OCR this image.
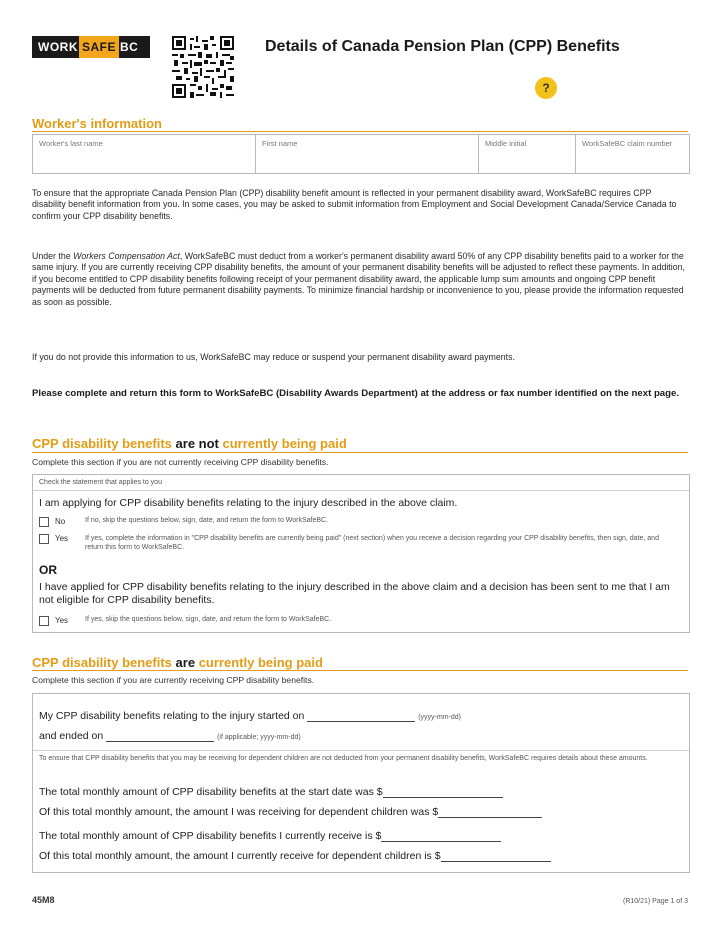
WORK SAFE BC	Details of Canada Pension Plan (CPP) Benefits
?
Worker's information
Worker's last name	First name	Middle initial	WorkSafeBC claim number
To ensure that the appropriate Canada Pension Plan (CPP) disability benefit amount is reflected in your permanent disability award, WorkSafeBC requires CPP disability benefit information from you. In some cases, you may be asked to submit information from Employment and Social Development Canada/Service Canada to confirm your CPP disability benefits.
Under the Workers Compensation Act, WorkSafeBC must deduct from a worker's permanent disability award 50% of any CPP disability benefits paid to a worker for the same injury. If you are currently receiving CPP disability benefits, the amount of your permanent disability benefits will be adjusted to reflect these payments. In addition, if you become entitled to CPP disability benefits following receipt of your permanent disability award, the applicable lump sum amounts and ongoing CPP benefit payments will be deducted from future permanent disability payments. To minimize financial hardship or inconvenience to you, please provide the information requested as soon as possible.
If you do not provide this information to us, WorkSafeBC may reduce or suspend your permanent disability award payments.
Please complete and return this form to WorkSafeBC (Disability Awards Department) at the address or fax number identified on the next page.
CPP disability benefits are not currently being paid
Complete this section if you are not currently receiving CPP disability benefits.
Check the statement that applies to you
I am applying for CPP disability benefits relating to the injury described in the above claim.
No	If no, skip the questions below, sign, date, and return the form to WorkSafeBC.
Yes	If yes, complete the information in "CPP disability benefits are currently being paid" (next section) when you receive a decision regarding your CPP disability benefits, then sign, date, and return this form to WorkSafeBC.
OR
I have applied for CPP disability benefits relating to the injury described in the above claim and a decision has been sent to me that I am not eligible for CPP disability benefits.
Yes	If yes, skip the questions below, sign, date, and return the form to WorkSafeBC.
CPP disability benefits are currently being paid
Complete this section if you are currently receiving CPP disability benefits.
My CPP disability benefits relating to the injury started on	(yyyy-mm-dd)
and ended on	(if applicable; yyyy-mm-dd)
To ensure that CPP disability benefits that you may be receiving for dependent children are not deducted from your permanent disability benefits, WorkSafeBC requires details about these amounts.
The total monthly amount of CPP disability benefits at the start date was $
Of this total monthly amount, the amount I was receiving for dependent children was $
The total monthly amount of CPP disability benefits I currently receive is $
Of this total monthly amount, the amount I currently receive for dependent children is $
45M8	(R10/21) Page 1 of 3
